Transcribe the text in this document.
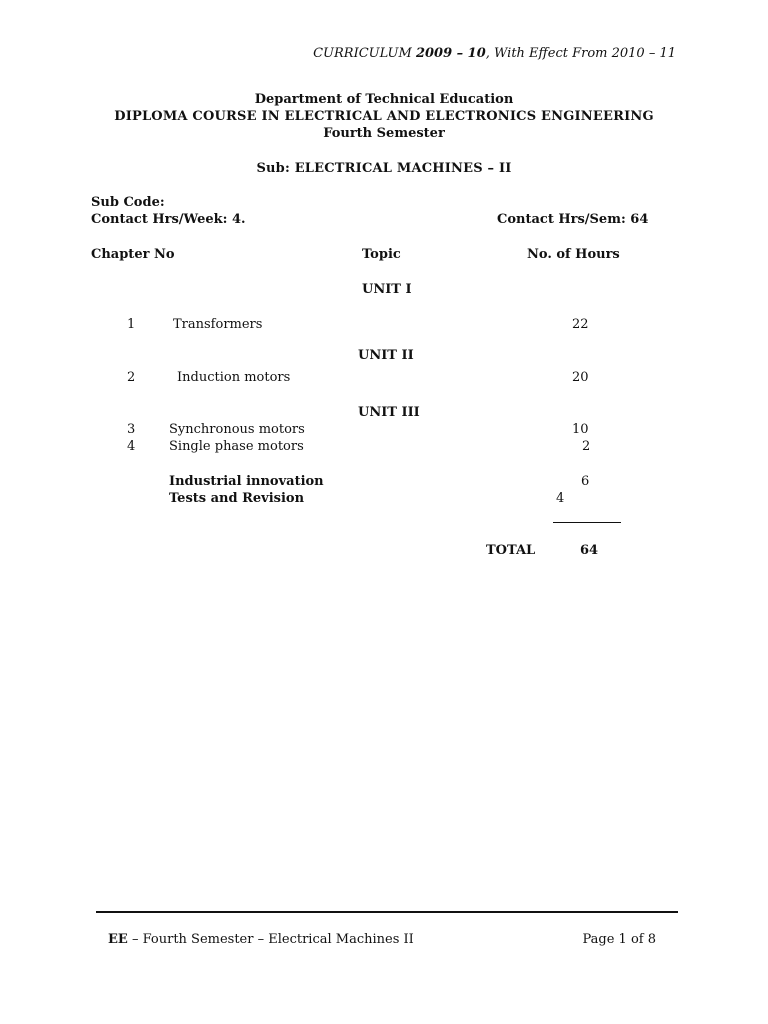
CURRICULUM 2009 – 10, With Effect From 2010 – 11
Department of Technical Education
DIPLOMA COURSE IN ELECTRICAL AND ELECTRONICS ENGINEERING
Fourth Semester
Sub: ELECTRICAL MACHINES – II
Sub Code:
Contact Hrs/Week: 4.	Contact Hrs/Sem: 64
Chapter No	Topic	No. of Hours
UNIT I
1	Transformers	22
UNIT II
2	Induction motors	20
UNIT III
3	Synchronous motors	10
4	Single phase motors	2
Industrial innovation	6
Tests and Revision	4
TOTAL	64
EE – Fourth Semester – Electrical Machines II	Page 1 of 8
